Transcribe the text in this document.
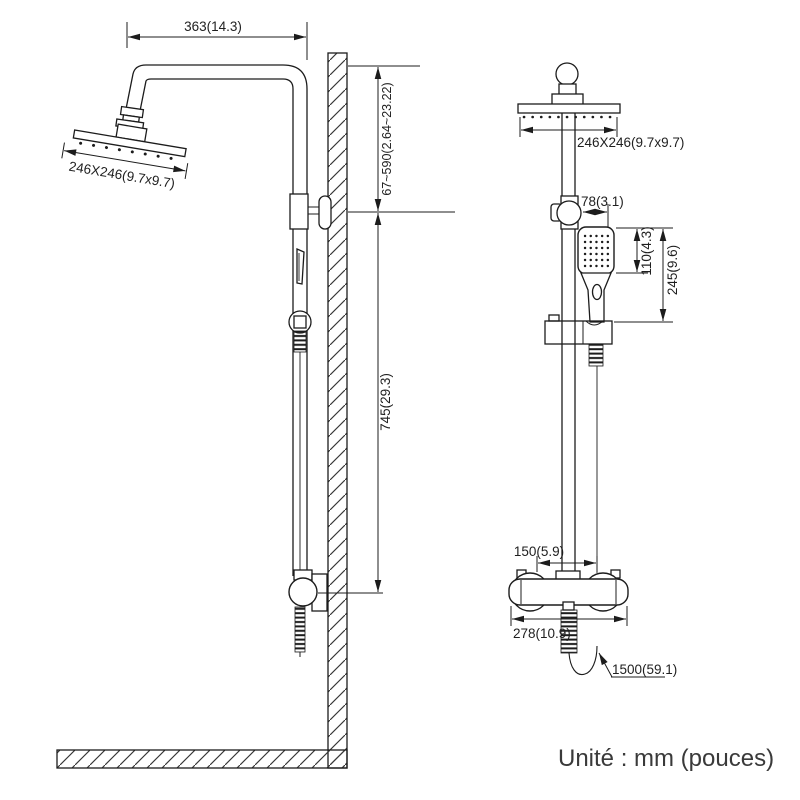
246X246(9.7x9.7)
363(14.3)
67~590(2.64~23.22)
745(29.3)
246X246(9.7x9.7)
78(3.1)
110(4.3) 245(9.6)
150(5.9)
278(10.9)
1500(59.1)
Unité : mm (pouces)
